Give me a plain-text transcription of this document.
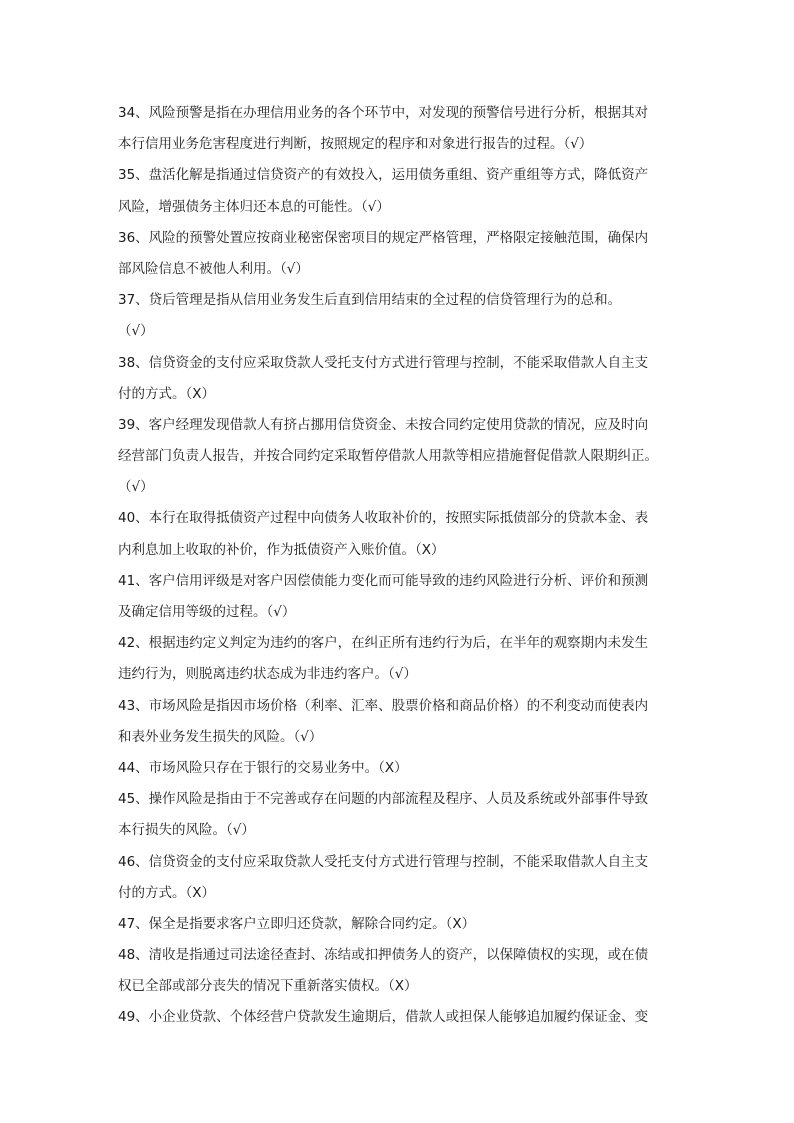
34、风险预警是指在办理信用业务的各个环节中，对发现的预警信号进行分析，根据其对
本行信用业务危害程度进行判断，按照规定的程序和对象进行报告的过程。（√）
35、盘活化解是指通过信贷资产的有效投入，运用债务重组、资产重组等方式，降低资产
风险，增强债务主体归还本息的可能性。（√）
36、风险的预警处置应按商业秘密保密项目的规定严格管理，严格限定接触范围，确保内
部风险信息不被他人利用。（√）
37、贷后管理是指从信用业务发生后直到信用结束的全过程的信贷管理行为的总和。
（√）
38、信贷资金的支付应采取贷款人受托支付方式进行管理与控制，不能采取借款人自主支
付的方式。（X）
39、客户经理发现借款人有挤占挪用信贷资金、未按合同约定使用贷款的情况，应及时向
经营部门负责人报告，并按合同约定采取暂停借款人用款等相应措施督促借款人限期纠正。
（√）
40、本行在取得抵债资产过程中向债务人收取补价的，按照实际抵债部分的贷款本金、表
内利息加上收取的补价，作为抵债资产入账价值。（X）
41、客户信用评级是对客户因偿债能力变化而可能导致的违约风险进行分析、评价和预测
及确定信用等级的过程。（√）
42、根据违约定义判定为违约的客户，在纠正所有违约行为后，在半年的观察期内未发生
违约行为，则脱离违约状态成为非违约客户。（√）
43、市场风险是指因市场价格（利率、汇率、股票价格和商品价格）的不利变动而使表内
和表外业务发生损失的风险。（√）
44、市场风险只存在于银行的交易业务中。（X）
45、操作风险是指由于不完善或存在问题的内部流程及程序、人员及系统或外部事件导致
本行损失的风险。（√）
46、信贷资金的支付应采取贷款人受托支付方式进行管理与控制，不能采取借款人自主支
付的方式。（X）
47、保全是指要求客户立即归还贷款，解除合同约定。（X）
48、清收是指通过司法途径查封、冻结或扣押债务人的资产，以保障债权的实现，或在债
权已全部或部分丧失的情况下重新落实债权。（X）
49、小企业贷款、个体经营户贷款发生逾期后，借款人或担保人能够追加履约保证金、变
